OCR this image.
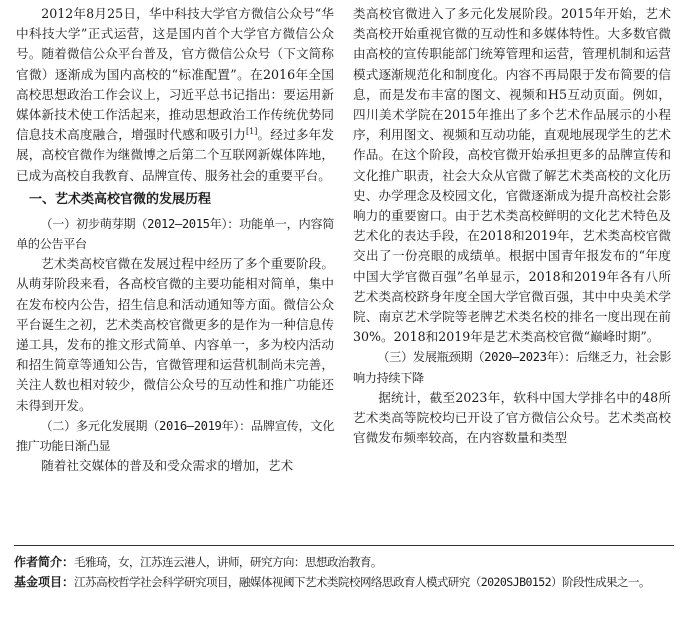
2012年8月25日，华中科技大学官方微信公众号“华中科技大学”正式运营，这是国内首个大学官方微信公众号。随着微信公众平台普及，官方微信公众号（下文简称官微）逐渐成为国内高校的“标准配置”。在2016年全国高校思想政治工作会议上，习近平总书记指出：要运用新媒体新技术使工作活起来，推动思想政治工作传统优势同信息技术高度融合，增强时代感和吸引力[1]。经过多年发展，高校官微作为继微博之后第二个互联网新媒体阵地，已成为高校自我教育、品牌宣传、服务社会的重要平台。

一、艺术类高校官微的发展历程

（一）初步萌芽期（2012—2015年）：功能单一，内容简单的公告平台

艺术类高校官微在发展过程中经历了多个重要阶段。从萌芽阶段来看，各高校官微的主要功能相对简单，集中在发布校内公告，招生信息和活动通知等方面。微信公众平台诞生之初，艺术类高校官微更多的是作为一种信息传递工具，发布的推文形式简单、内容单一，多为校内活动和招生简章等通知公告，官微管理和运营机制尚未完善，关注人数也相对较少，微信公众号的互动性和推广功能还未得到开发。

（二）多元化发展期（2016—2019年）：品牌宣传，文化推广功能日渐凸显

随着社交媒体的普及和受众需求的增加，艺术

类高校官微进入了多元化发展阶段。2015年开始，艺术类高校开始重视官微的互动性和多媒体特性。大多数官微由高校的宣传职能部门统筹管理和运营，管理机制和运营模式逐渐规范化和制度化。内容不再局限于发布简要的信息，而是发布丰富的图文、视频和H5互动页面。例如，四川美术学院在2015年推出了多个艺术作品展示的小程序，利用图文、视频和互动功能，直观地展现学生的艺术作品。在这个阶段，高校官微开始承担更多的品牌宣传和文化推广职责，社会大众从官微了解艺术类高校的文化历史、办学理念及校园文化，官微逐渐成为提升高校社会影响力的重要窗口。由于艺术类高校鲜明的文化艺术特色及艺术化的表达手段，在2018和2019年，艺术类高校官微交出了一份亮眼的成绩单。根据中国青年报发布的“年度中国大学官微百强”名单显示，2018和2019年各有八所艺术类高校跻身年度全国大学官微百强，其中中央美术学院、南京艺术学院等老牌艺术类名校的排名一度出现在前30%。2018和2019年是艺术类高校官微“巅峰时期”。

（三）发展瓶颈期（2020—2023年）：后继乏力，社会影响力持续下降

据统计，截至2023年，软科中国大学排名中的48所艺术类高等院校均已开设了官方微信公众号。艺术类高校官微发布频率较高，在内容数量和类型

作者简介：毛雅琦，女，江苏连云港人，讲师，研究方向：思想政治教育。

基金项目：江苏高校哲学社会科学研究项目，融媒体视阈下艺术类院校网络思政育人模式研究（2020SJB0152）阶段性成果之一。
